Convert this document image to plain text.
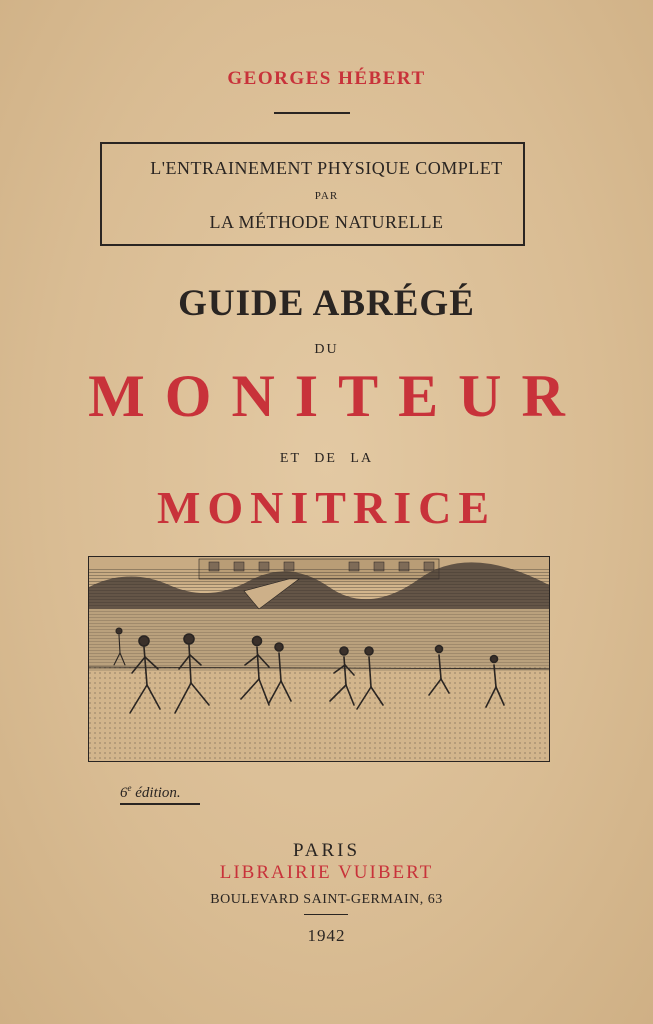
GEORGES HÉBERT
L'ENTRAINEMENT PHYSIQUE COMPLET
PAR
LA MÉTHODE NATURELLE
GUIDE ABRÉGÉ
DU
MONITEUR
ET DE LA
MONITRICE
6e édition.
PARIS
LIBRAIRIE VUIBERT
BOULEVARD SAINT-GERMAIN, 63
1942
